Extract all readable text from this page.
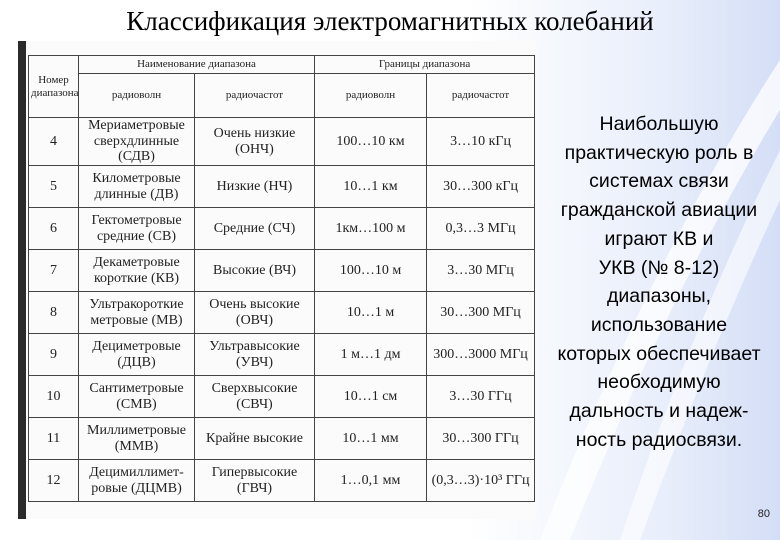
Классификация электромагнитных колебаний
Номер диапазона	Наименование диапазона		Границы диапазона	
	радиоволн	радиочастот	радиоволн	радиочастот
4	Мериаметровые сверхдлинные (СДВ)	Очень низкие (ОНЧ)	100…10 км	3…10 кГц
5	Километровые длинные (ДВ)	Низкие (НЧ)	10…1 км	30…300 кГц
6	Гектометровые средние (СВ)	Средние (СЧ)	1км…100 м	0,3…3 МГц
7	Декаметровые короткие (КВ)	Высокие (ВЧ)	100…10 м	3…30 МГц
8	Ультракороткие метровые (МВ)	Очень высокие (ОВЧ)	10…1 м	30…300 МГц
9	Дециметровые (ДЦВ)	Ультравысокие (УВЧ)	1 м…1 дм	300…3000 МГц
10	Сантиметровые (СМВ)	Сверхвысокие (СВЧ)	10…1 см	3…30 ГГц
11	Миллиметровые (ММВ)	Крайне высокие	10…1 мм	30…300 ГГц
12	Децимиллимет-ровые (ДЦМВ)	Гипервысокие (ГВЧ)	1…0,1 мм	(0,3…3)·10³ ГГц
Наибольшую
практическую роль в
системах связи
гражданской авиации
играют КВ и
УКВ (№ 8-12)
диапазоны,
использование
которых обеспечивает
необходимую
дальность и надеж-
ность радиосвязи.
80
